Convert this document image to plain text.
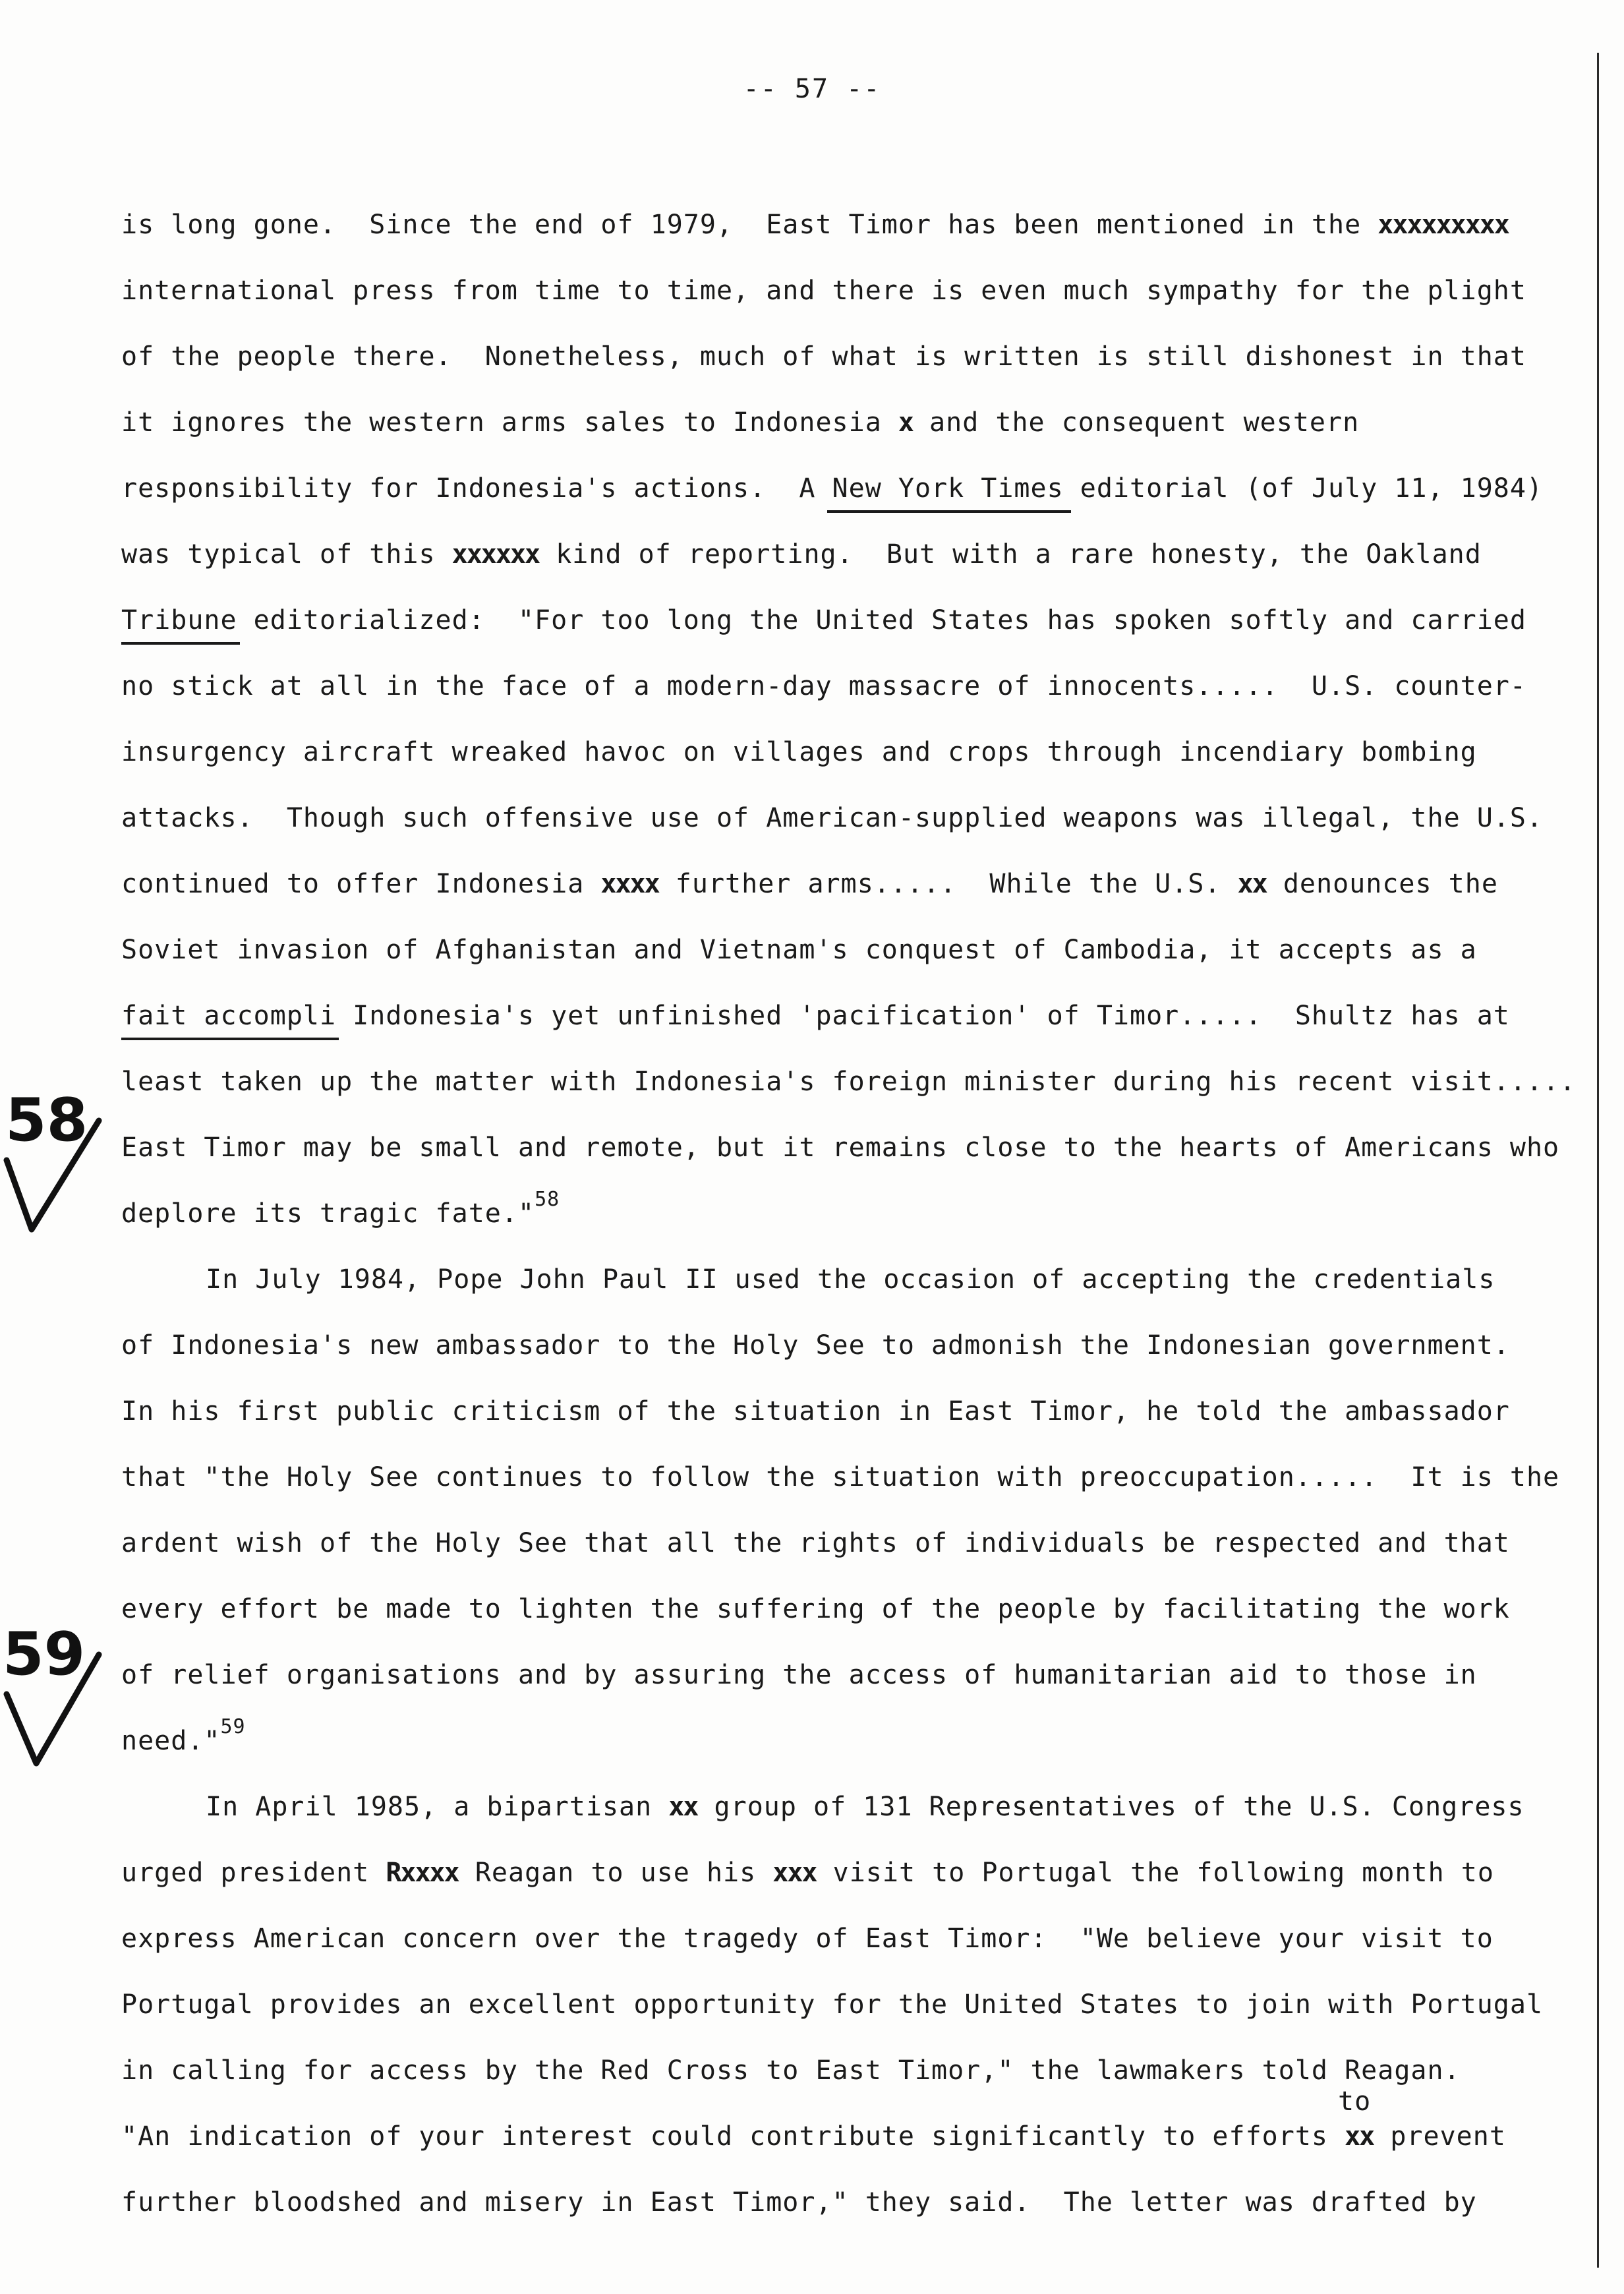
-- 57 --
is long gone.  Since the end of 1979,  East Timor has been mentioned in the xxxxxxxxx
international press from time to time, and there is even much sympathy for the plight
of the people there.  Nonetheless, much of what is written is still dishonest in that
it ignores the western arms sales to Indonesia x and the consequent western
responsibility for Indonesia's actions.  A New York Times editorial (of July 11, 1984)
was typical of this xxxxxx kind of reporting.  But with a rare honesty, the Oakland
Tribune editorialized:  "For too long the United States has spoken softly and carried
no stick at all in the face of a modern-day massacre of innocents.....  U.S. counter-
insurgency aircraft wreaked havoc on villages and crops through incendiary bombing
attacks.  Though such offensive use of American-supplied weapons was illegal, the U.S.
continued to offer Indonesia xxxx further arms.....  While the U.S. xx denounces the
Soviet invasion of Afghanistan and Vietnam's conquest of Cambodia, it accepts as a
fait accompli Indonesia's yet unfinished 'pacification' of Timor.....  Shultz has at
least taken up the matter with Indonesia's foreign minister during his recent visit.....
East Timor may be small and remote, but it remains close to the hearts of Americans who
deplore its tragic fate."$^{58}$
In July 1984, Pope John Paul II used the occasion of accepting the credentials
of Indonesia's new ambassador to the Holy See to admonish the Indonesian government.
In his first public criticism of the situation in East Timor, he told the ambassador
that "the Holy See continues to follow the situation with preoccupation.....  It is the
ardent wish of the Holy See that all the rights of individuals be respected and that
every effort be made to lighten the suffering of the people by facilitating the work
of relief organisations and by assuring the access of humanitarian aid to those in
need."$^{59}$
In April 1985, a bipartisan xx group of 131 Representatives of the U.S. Congress
urged president Rxxxx Reagan to use his xxx visit to Portugal the following month to
express American concern over the tragedy of East Timor:  "We believe your visit to
Portugal provides an excellent opportunity for the United States to join with Portugal
in calling for access by the Red Cross to East Timor," the lawmakers told Reagan.
to
"An indication of your interest could contribute significantly to efforts xx prevent
further bloodshed and misery in East Timor," they said.  The letter was drafted by
58
59
